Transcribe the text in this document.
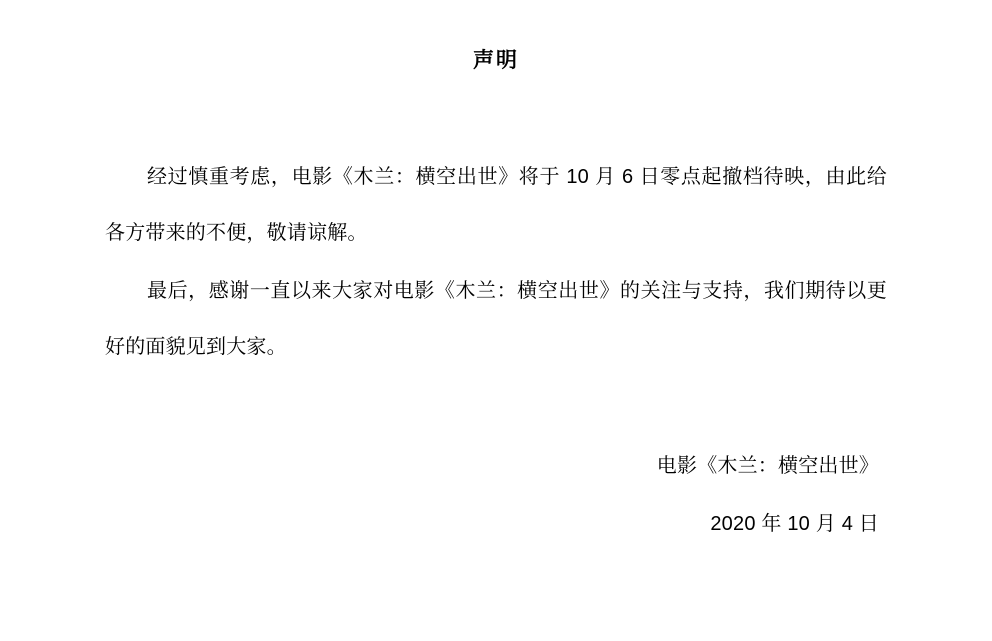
声明

经过慎重考虑，电影《木兰：横空出世》将于 10 月 6 日零点起撤档待映，由此给各方带来的不便，敬请谅解。

最后，感谢一直以来大家对电影《木兰：横空出世》的关注与支持，我们期待以更好的面貌见到大家。

电影《木兰：横空出世》
2020 年 10 月 4 日
